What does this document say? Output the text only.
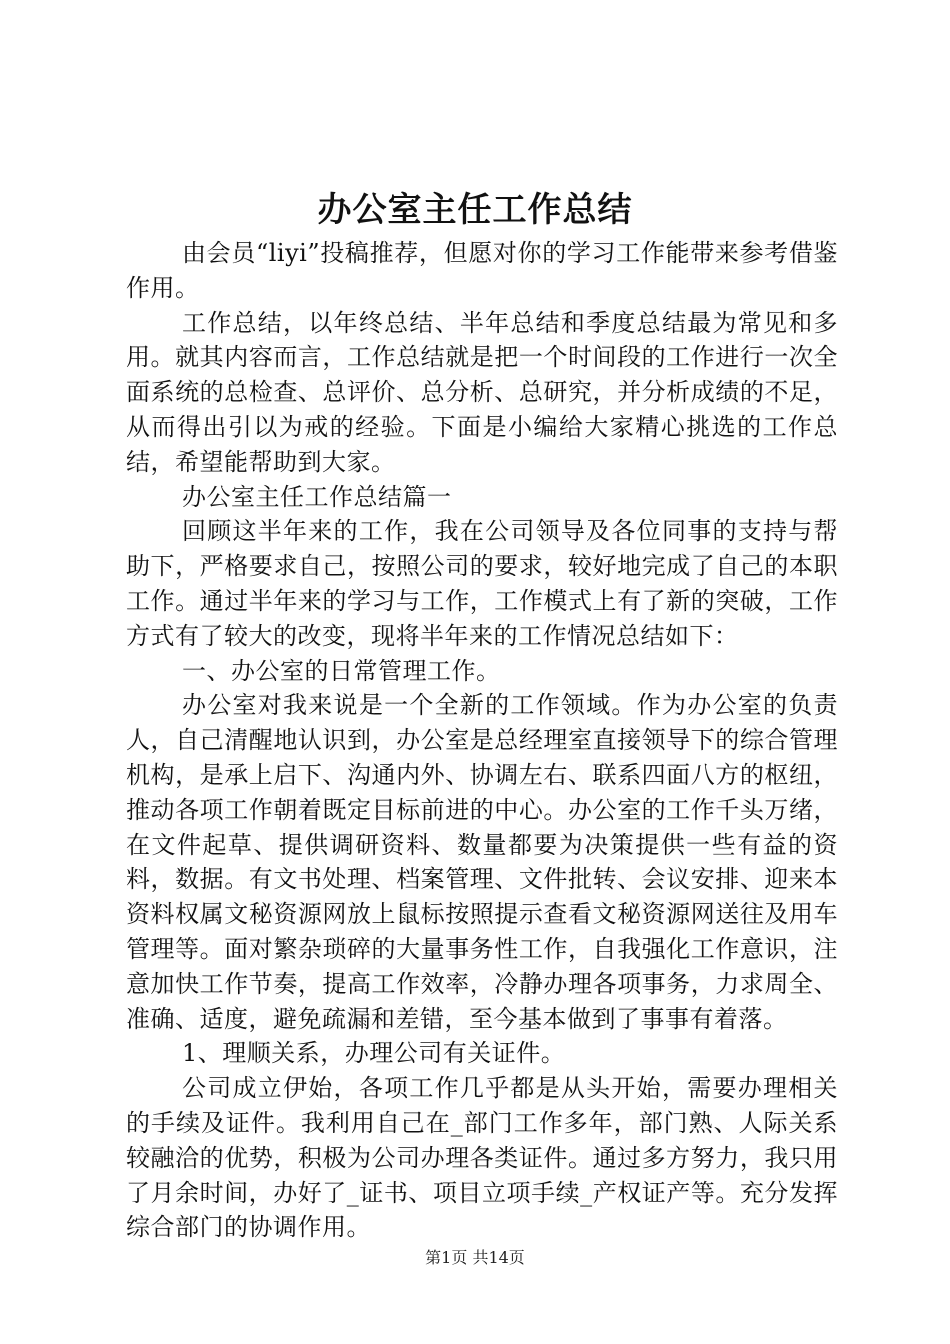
办公室主任工作总结

由会员“liyi”投稿推荐，但愿对你的学习工作能带来参考借鉴作用。

工作总结，以年终总结、半年总结和季度总结最为常见和多用。就其内容而言，工作总结就是把一个时间段的工作进行一次全面系统的总检查、总评价、总分析、总研究，并分析成绩的不足，从而得出引以为戒的经验。下面是小编给大家精心挑选的工作总结，希望能帮助到大家。

办公室主任工作总结篇一

回顾这半年来的工作，我在公司领导及各位同事的支持与帮助下，严格要求自己，按照公司的要求，较好地完成了自己的本职工作。通过半年来的学习与工作，工作模式上有了新的突破，工作方式有了较大的改变，现将半年来的工作情况总结如下：

一、办公室的日常管理工作。

办公室对我来说是一个全新的工作领域。作为办公室的负责人，自己清醒地认识到，办公室是总经理室直接领导下的综合管理机构，是承上启下、沟通内外、协调左右、联系四面八方的枢纽，推动各项工作朝着既定目标前进的中心。办公室的工作千头万绪，在文件起草、提供调研资料、数量都要为决策提供一些有益的资料，数据。有文书处理、档案管理、文件批转、会议安排、迎来本资料权属文秘资源网放上鼠标按照提示查看文秘资源网送往及用车管理等。面对繁杂琐碎的大量事务性工作，自我强化工作意识，注意加快工作节奏，提高工作效率，冷静办理各项事务，力求周全、准确、适度，避免疏漏和差错，至今基本做到了事事有着落。

1、理顺关系，办理公司有关证件。

公司成立伊始，各项工作几乎都是从头开始，需要办理相关的手续及证件。我利用自己在_部门工作多年，部门熟、人际关系较融洽的优势，积极为公司办理各类证件。通过多方努力，我只用了月余时间，办好了_证书、项目立项手续_产权证产等。充分发挥综合部门的协调作用。

第1页 共14页
